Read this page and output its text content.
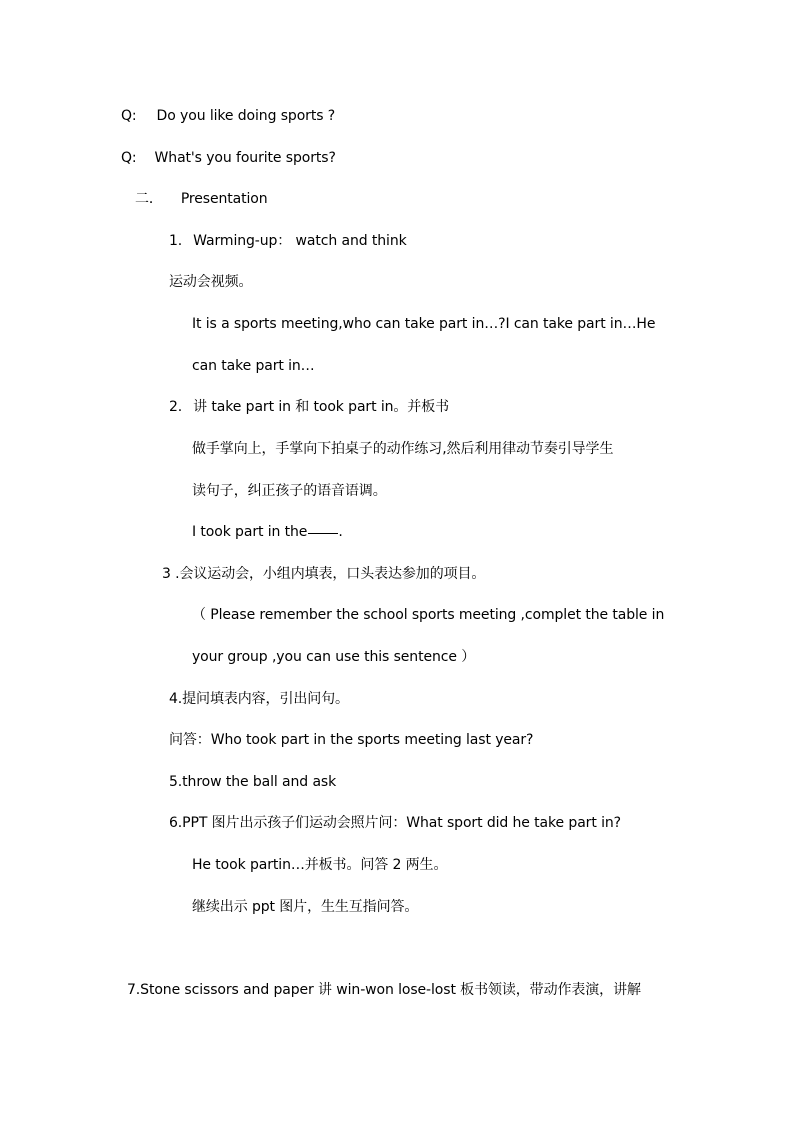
Q: Do you like doing sports ?
Q: What's you fourite sports?
二． Presentation
1. Warming-up： watch and think
运动会视频。
It is a sports meeting,who can take part in…?I can take part in…He
can take part in…
2. 讲 take part in 和 took part in。并板书
做手掌向上，手掌向下拍桌子的动作练习,然后利用律动节奏引导学生
读句子，纠正孩子的语音语调。
I took part in the .
3 .会议运动会，小组内填表，口头表达参加的项目。
（ Please remember the school sports meeting ,complet the table in
your group ,you can use this sentence ）
4.提问填表内容，引出问句。
问答：Who took part in the sports meeting last year?
5.throw the ball and ask
6.PPT 图片出示孩子们运动会照片问：What sport did he take part in?
He took partin…并板书。问答 2 两生。
继续出示 ppt 图片，生生互指问答。
7.Stone scissors and paper 讲 win-won lose-lost 板书领读，带动作表演，讲解
